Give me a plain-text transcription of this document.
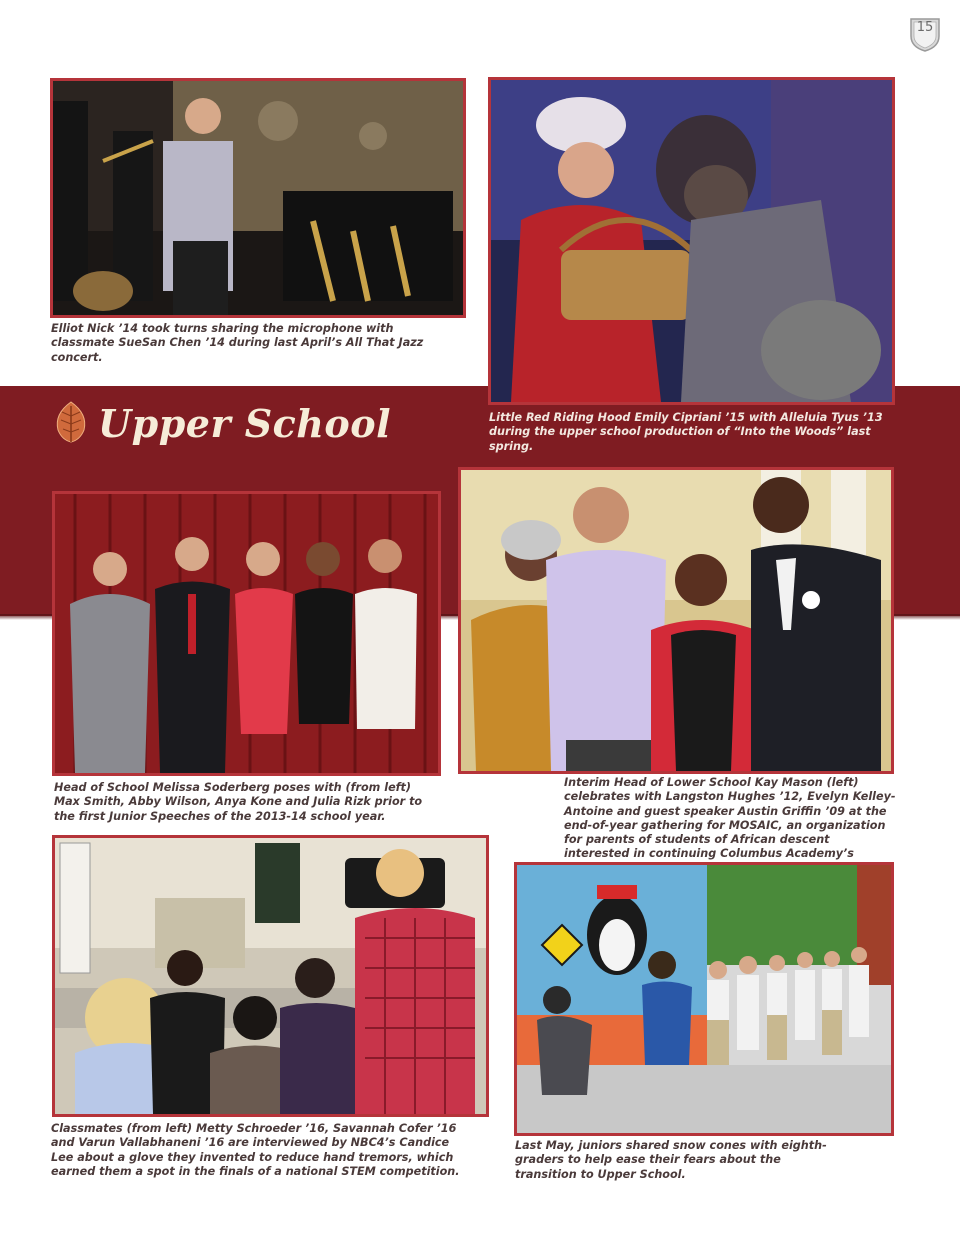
15
Elliot Nick ’14 took turns sharing the microphone with classmate SueSan Chen ’14 during last April’s All That Jazz concert.
Little Red Riding Hood Emily Cipriani ’15 with Alleluia Tyus ’13 during the upper school production of “Into the Woods” last spring.
Upper School
Head of School Melissa Soderberg poses with (from left) Max Smith, Abby Wilson, Anya Kone and Julia Rizk prior to the first Junior Speeches of the 2013-14 school year.
Interim Head of Lower School Kay Mason (left) celebrates with Langston Hughes ’12, Evelyn Kelley-Antoine and guest speaker Austin Griffin ’09 at the end-of-year gathering for MOSAIC, an organization for parents of students of African descent interested in continuing Columbus Academy’s
Classmates (from left) Metty Schroeder ’16, Savannah Cofer ’16 and Varun Vallabhaneni ’16 are interviewed by NBC4’s Candice Lee about a glove they invented to reduce hand tremors, which earned them a spot in the finals of a national STEM competition.
Last May, juniors shared snow cones with eighth-graders to help ease their fears about the transition to Upper School.
